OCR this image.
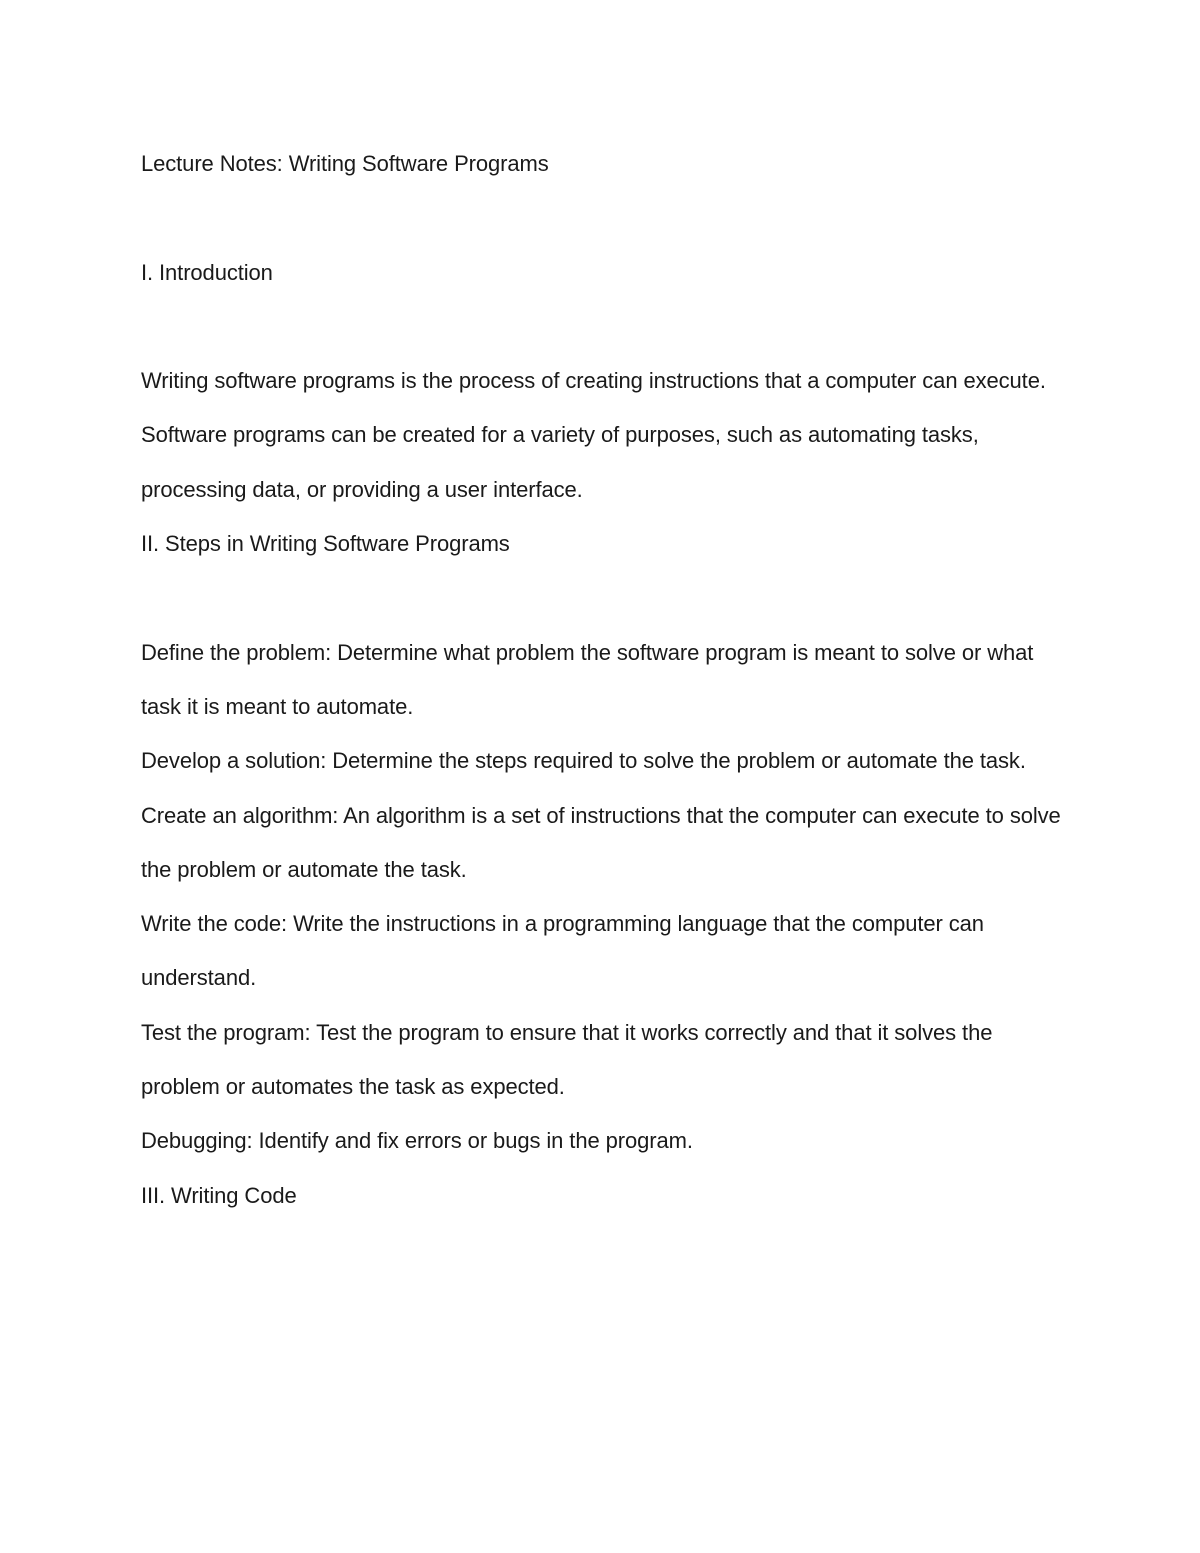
Lecture Notes: Writing Software Programs

I. Introduction

Writing software programs is the process of creating instructions that a computer can execute.

Software programs can be created for a variety of purposes, such as automating tasks, processing data, or providing a user interface.

II. Steps in Writing Software Programs

Define the problem: Determine what problem the software program is meant to solve or what task it is meant to automate.

Develop a solution: Determine the steps required to solve the problem or automate the task.

Create an algorithm: An algorithm is a set of instructions that the computer can execute to solve the problem or automate the task.

Write the code: Write the instructions in a programming language that the computer can understand.

Test the program: Test the program to ensure that it works correctly and that it solves the problem or automates the task as expected.

Debugging: Identify and fix errors or bugs in the program.

III. Writing Code
